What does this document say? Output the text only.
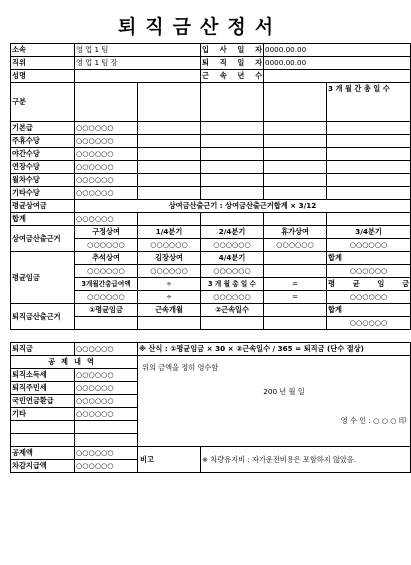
퇴직금산정서
소속	영 업 1 팀		입 사 일 자	0000.00.00	
직위	영 업 1 팀 장		퇴 직 일 자	0000.00.00	
성명			근 속 년 수		
구분					3 개 월 간 총 일 수
기본급	○○○○○○				
주휴수당	○○○○○○				
야간수당	○○○○○○				
연장수당	○○○○○○				
월차수당	○○○○○○				
기타수당	○○○○○○				
평균상여금	상여금산출근기 : 상여금산출근거합계 × 3/12				
합계	○○○○○○				
상여금산출근거	구정상여	1/4분기	2/4분기	휴가상여	3/4분기
	○○○○○○	○○○○○○	○○○○○○	○○○○○○	○○○○○○
평균임금	추석상여	김장상여	4/4분기		합계
	○○○○○○	○○○○○○	○○○○○○		○○○○○○
	3개월간총급여액	÷	3 개 월 총 일 수	=	평 균 임 금
	○○○○○○	÷	○○○○○○	=	○○○○○○
퇴직금산출근거	①평균임금	근속개월	②근속일수		합계
					○○○○○○

퇴직금	○○○○○○	※ 산식 : ①평균임금 × 30 × ②근속일수 / 365 = 퇴직금 (단수 절상)			
공제내역		위의 금액을 정히 영수함
200 년 월 일
영 수 인 : ○ ○ ○ 印			

퇴직소득세	○○○○○○				
퇴직주민세	○○○○○○				
국민연금환급	○○○○○○				
기타	○○○○○○				

공제액	○○○○○○	비고	※ 차량유지비 : 자가운전비용은 포함하지 않았음.		
차감지급액	○○○○○○				
